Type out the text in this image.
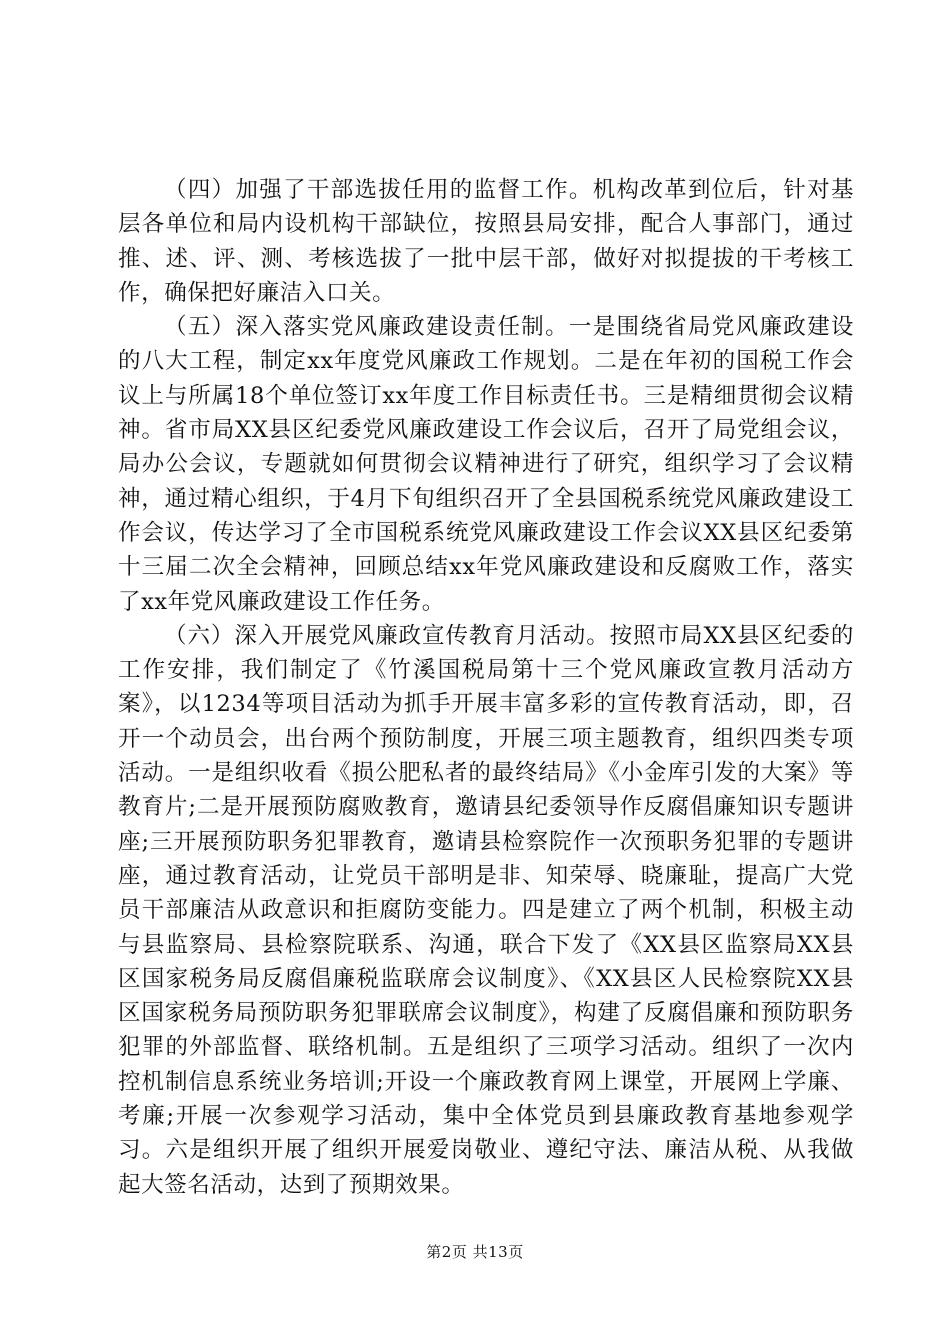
（四）加强了干部选拔任用的监督工作。机构改革到位后，针对基层各单位和局内设机构干部缺位，按照县局安排，配合人事部门，通过推、述、评、测、考核选拔了一批中层干部，做好对拟提拔的干考核工作，确保把好廉洁入口关。

（五）深入落实党风廉政建设责任制。一是围绕省局党风廉政建设的八大工程，制定xx年度党风廉政工作规划。二是在年初的国税工作会议上与所属18个单位签订xx年度工作目标责任书。三是精细贯彻会议精神。省市局XX县区纪委党风廉政建设工作会议后，召开了局党组会议，局办公会议，专题就如何贯彻会议精神进行了研究，组织学习了会议精神，通过精心组织，于4月下旬组织召开了全县国税系统党风廉政建设工作会议，传达学习了全市国税系统党风廉政建设工作会议XX县区纪委第十三届二次全会精神，回顾总结xx年党风廉政建设和反腐败工作，落实了xx年党风廉政建设工作任务。

（六）深入开展党风廉政宣传教育月活动。按照市局XX县区纪委的工作安排，我们制定了《竹溪国税局第十三个党风廉政宣教月活动方案》，以1234等项目活动为抓手开展丰富多彩的宣传教育活动，即，召开一个动员会，出台两个预防制度，开展三项主题教育，组织四类专项活动。一是组织收看《损公肥私者的最终结局》《小金库引发的大案》等教育片;二是开展预防腐败教育，邀请县纪委领导作反腐倡廉知识专题讲座;三开展预防职务犯罪教育，邀请县检察院作一次预职务犯罪的专题讲座，通过教育活动，让党员干部明是非、知荣辱、晓廉耻，提高广大党员干部廉洁从政意识和拒腐防变能力。四是建立了两个机制，积极主动与县监察局、县检察院联系、沟通，联合下发了《XX县区监察局XX县区国家税务局反腐倡廉税监联席会议制度》、《XX县区人民检察院XX县区国家税务局预防职务犯罪联席会议制度》，构建了反腐倡廉和预防职务犯罪的外部监督、联络机制。五是组织了三项学习活动。组织了一次内控机制信息系统业务培训;开设一个廉政教育网上课堂，开展网上学廉、考廉;开展一次参观学习活动，集中全体党员到县廉政教育基地参观学习。六是组织开展了组织开展爱岗敬业、遵纪守法、廉洁从税、从我做起大签名活动，达到了预期效果。

第2页 共13页
